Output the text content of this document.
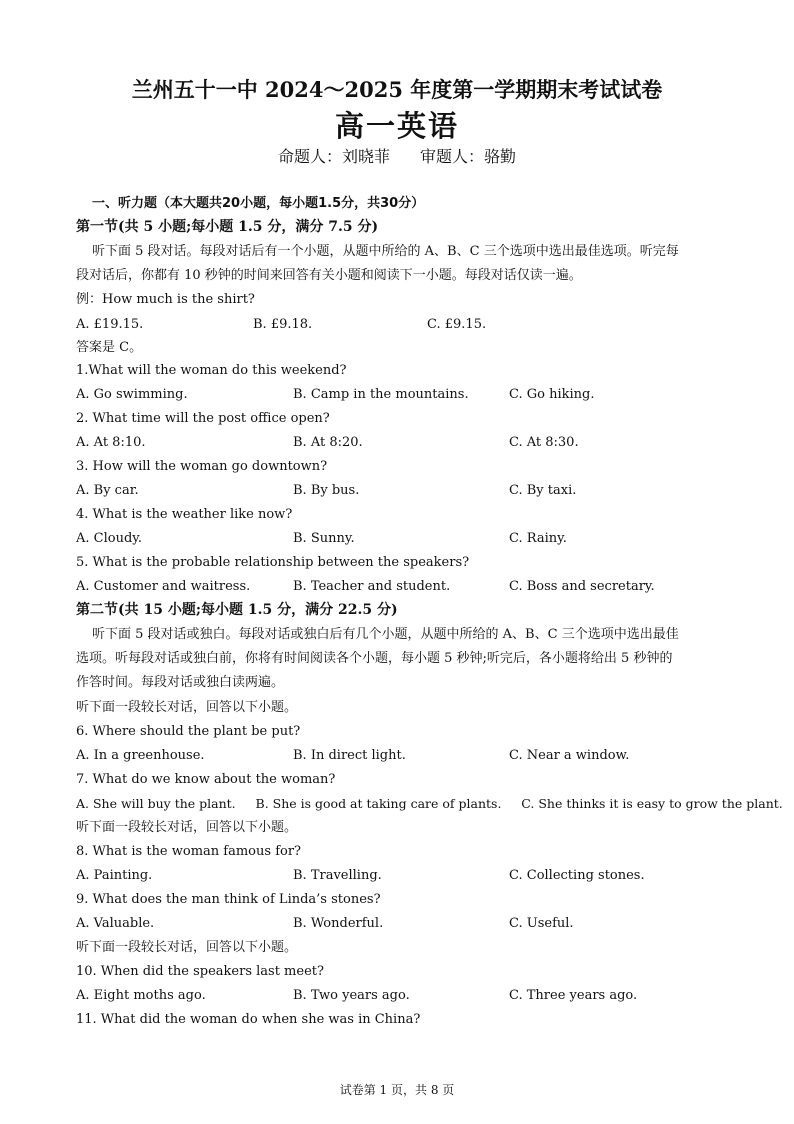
兰州五十一中 2024～2025 年度第一学期期末考试试卷
高一英语
命题人：刘晓菲 审题人：骆勤
一、听力题（本大题共20小题，每小题1.5分，共30分）
第一节(共 5 小题;每小题 1.5 分，满分 7.5 分)
听下面 5 段对话。每段对话后有一个小题，从题中所给的 A、B、C 三个选项中选出最佳选项。听完每
段对话后，你都有 10 秒钟的时间来回答有关小题和阅读下一小题。每段对话仅读一遍。
例：How much is the shirt?
A. £19.15.	B. £9.18.	C. £9.15.
答案是 C。
1.What will the woman do this weekend?
A. Go swimming.	B. Camp in the mountains.	C. Go hiking.
2. What time will the post office open?
A. At 8:10.	B. At 8:20.	C. At 8:30.
3. How will the woman go downtown?
A. By car.	B. By bus.	C. By taxi.
4. What is the weather like now?
A. Cloudy.	B. Sunny.	C. Rainy.
5. What is the probable relationship between the speakers?
A. Customer and waitress.	B. Teacher and student.	C. Boss and secretary.
第二节(共 15 小题;每小题 1.5 分，满分 22.5 分)
听下面 5 段对话或独白。每段对话或独白后有几个小题，从题中所给的 A、B、C 三个选项中选出最佳
选项。听每段对话或独白前，你将有时间阅读各个小题，每小题 5 秒钟;听完后，各小题将给出 5 秒钟的
作答时间。每段对话或独白读两遍。
听下面一段较长对话，回答以下小题。
6. Where should the plant be put?
A. In a greenhouse.	B. In direct light.	C. Near a window.
7. What do we know about the woman?
A. She will buy the plant.     B. She is good at taking care of plants.     C. She thinks it is easy to grow the plant.
听下面一段较长对话，回答以下小题。
8. What is the woman famous for?
A. Painting.	B. Travelling.	C. Collecting stones.
9. What does the man think of Linda’s stones?
A. Valuable.	B. Wonderful.	C. Useful.
听下面一段较长对话，回答以下小题。
10. When did the speakers last meet?
A. Eight moths ago.	B. Two years ago.	C. Three years ago.
11. What did the woman do when she was in China?
试卷第 1 页，共 8 页
